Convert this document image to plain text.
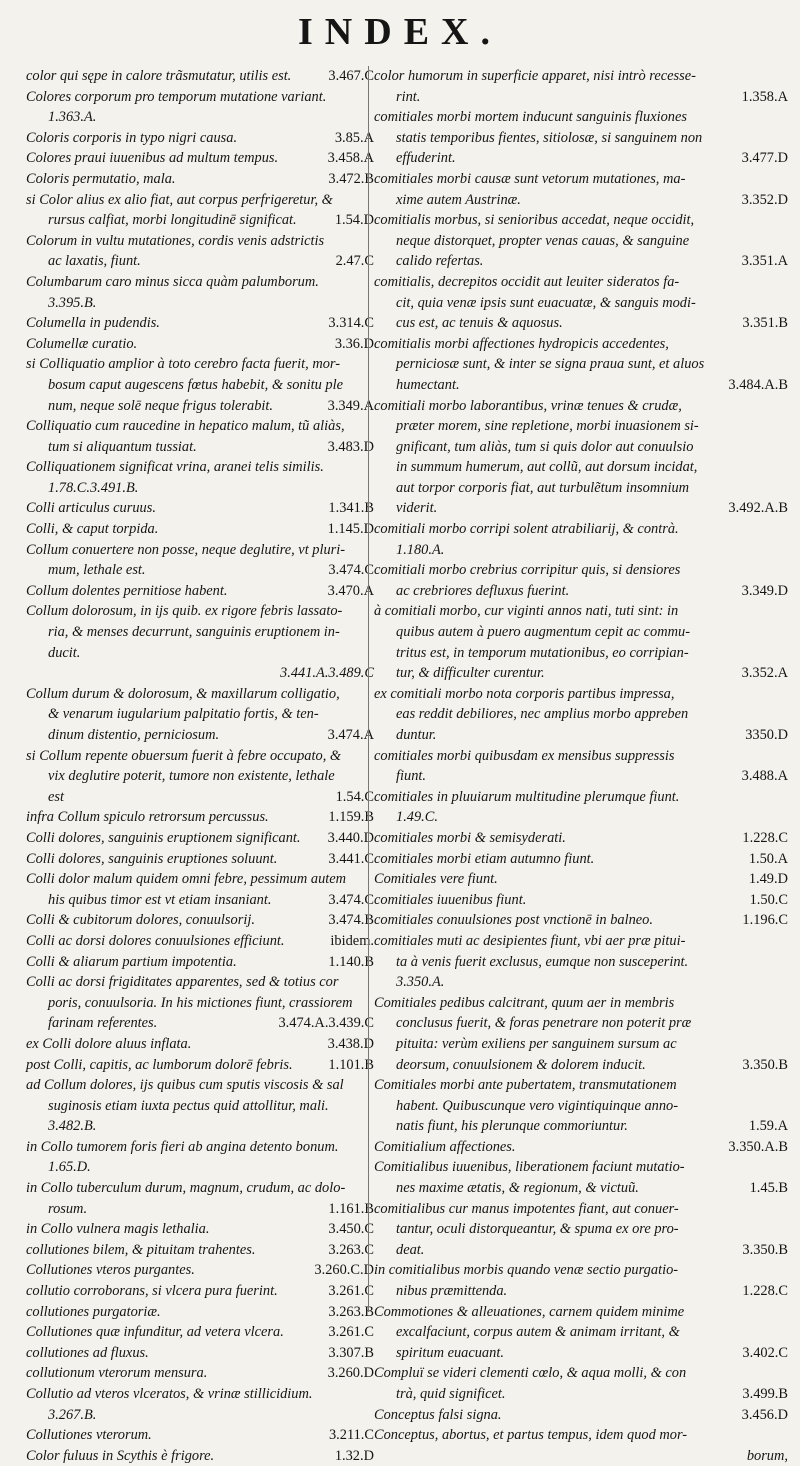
INDEX.
color qui sępe in calore trãsmutatur, utilis est.	3.467.C
Colores corporum pro temporum mutatione variant.
1.363.A.
Coloris corporis in typo nigri causa.	3.85.A
Colores praui iuuenibus ad multum tempus.	3.458.A
Coloris permutatio, mala.	3.472.B
si Color alius ex alio fiat, aut corpus perfrigeretur, &
rursus calfiat, morbi longitudinē significat.	1.54.D
Colorum in vultu mutationes, cordis venis adstrictis
ac laxatis, fiunt.	2.47.C
Columbarum caro minus sicca quàm palumborum.
3.395.B.
Columella in pudendis.	3.314.C
Columellæ curatio.	3.36.D
si Colliquatio amplior à toto cerebro facta fuerit, mor-
bosum caput augescens fœtus habebit, & sonitu ple
num, neque solē neque frigus tolerabit.	3.349.A
Colliquatio cum raucedine in hepatico malum, tũ aliàs,
tum si aliquantum tussiat.	3.483.D
Colliquationem significat vrina, aranei telis similis.
1.78.C.3.491.B.
Colli articulus curuus.	1.341.B
Colli, & caput torpida.	1.145.D
Collum conuertere non posse, neque deglutire, vt pluri-
mum, lethale est.	3.474.C
Collum dolentes pernitiose habent.	3.470.A
Collum dolorosum, in ijs quib. ex rigore febris lassato-
ria, & menses decurrunt, sanguinis eruptionem in-
ducit.
3.441.A.3.489.C
Collum durum & dolorosum, & maxillarum colligatio,
& venarum iugularium palpitatio fortis, & ten-
dinum distentio, perniciosum.	3.474.A
si Collum repente obuersum fuerit à febre occupato, &
vix deglutire poterit, tumore non existente, lethale
est	1.54.C
infra Collum spiculo retrorsum percussus.	1.159.B
Colli dolores, sanguinis eruptionem significant.	3.440.D
Colli dolores, sanguinis eruptiones soluunt.	3.441.C
Colli dolor malum quidem omni febre, pessimum autem
his quibus timor est vt etiam insaniant.	3.474.C
Colli & cubitorum dolores, conuulsorij.	3.474.B
Colli ac dorsi dolores conuulsiones efficiunt.	ibidem.
Colli & aliarum partium impotentia.	1.140.B
Colli ac dorsi frigiditates apparentes, sed & totius cor
poris, conuulsoria. In his mictiones fiunt, crassiorem
farinam referentes.	3.474.A.3.439.C
ex Colli dolore aluus inflata.	3.438.D
post Colli, capitis, ac lumborum dolorē febris.	1.101.B
ad Collum dolores, ijs quibus cum sputis viscosis & sal
suginosis etiam iuxta pectus quid attollitur, mali.
3.482.B.
in Collo tumorem foris fieri ab angina detento bonum.
1.65.D.
in Collo tuberculum durum, magnum, crudum, ac dolo-
rosum.	1.161.B
in Collo vulnera magis lethalia.	3.450.C
collutiones bilem, & pituitam trahentes.	3.263.C
Collutiones vteros purgantes.	3.260.C.D
collutio corroborans, si vlcera pura fuerint.	3.261.C
collutiones purgatoriæ.	3.263.B
Collutiones quæ infunditur, ad vetera vlcera.	3.261.C
collutiones ad fluxus.	3.307.B
collutionum vterorum mensura.	3.260.D
Collutio ad vteros vlceratos, & vrinæ stillicidium.
3.267.B.
Collutiones vterorum.	3.211.C
Color fuluus in Scythis è frigore.	1.32.D
color humorum in superficie apparet, nisi intrò recesse-
rint.	1.358.A
comitiales morbi mortem inducunt sanguinis fluxiones
statis temporibus fientes, sitiolosæ, si sanguinem non
effuderint.	3.477.D
comitiales morbi causæ sunt vetorum mutationes, ma-
xime autem Austrinæ.	3.352.D
comitialis morbus, si senioribus accedat, neque occidit,
neque distorquet, propter venas cauas, & sanguine
calido refertas.	3.351.A
comitialis, decrepitos occidit aut leuiter sideratos fa-
cit, quia venæ ipsis sunt euacuatæ, & sanguis modi-
cus est, ac tenuis & aquosus.	3.351.B
comitialis morbi affectiones hydropicis accedentes,
perniciosæ sunt, & inter se signa praua sunt, et aluos
humectant.	3.484.A.B
comitiali morbo laborantibus, vrinæ tenues & crudæ,
præter morem, sine repletione, morbi inuasionem si-
gnificant, tum aliàs, tum si quis dolor aut conuulsio
in summum humerum, aut collũ, aut dorsum incidat,
aut torpor corporis fiat, aut turbulẽtum insomnium
viderit.	3.492.A.B
comitiali morbo corripi solent atrabiliarij, & contrà.
1.180.A.
comitiali morbo crebrius corripitur quis, si densiores
ac crebriores defluxus fuerint.	3.349.D
à comitiali morbo, cur viginti annos nati, tuti sint: in
quibus autem à puero augmentum cepit ac commu-
tritus est, in temporum mutationibus, eo corripian-
tur, & difficulter curentur.	3.352.A
ex comitiali morbo nota corporis partibus impressa,
eas reddit debiliores, nec amplius morbo appreben
duntur.	3350.D
comitiales morbi quibusdam ex mensibus suppressis
fiunt.	3.488.A
comitiales in pluuiarum multitudine plerumque fiunt.
1.49.C.
comitiales morbi & semisyderati.	1.228.C
comitiales morbi etiam autumno fiunt.	1.50.A
Comitiales vere fiunt.	1.49.D
comitiales iuuenibus fiunt.	1.50.C
comitiales conuulsiones post vnctionē in balneo.	1.196.C
comitiales muti ac desipientes fiunt, vbi aer præ pitui-
ta à venis fuerit exclusus, eumque non susceperint.
3.350.A.
Comitiales pedibus calcitrant, quum aer in membris
conclusus fuerit, & foras penetrare non poterit præ
pituita: verùm exiliens per sanguinem sursum ac
deorsum, conuulsionem & dolorem inducit.	3.350.B
Comitiales morbi ante pubertatem, transmutationem
habent. Quibuscunque vero vigintiquinque anno-
natis fiunt, his plerunque commoriuntur.	1.59.A
Comitialium affectiones.	3.350.A.B
Comitialibus iuuenibus, liberationem faciunt mutatio-
nes maxime ætatis, & regionum, & victuũ.	1.45.B
comitialibus cur manus impotentes fiant, aut conuer-
tantur, oculi distorqueantur, & spuma ex ore pro-
deat.	3.350.B
in comitialibus morbis quando venæ sectio purgatio-
nibus præmittenda.	1.228.C
Commotiones & alleuationes, carnem quidem minime
excalfaciunt, corpus autem & animam irritant, &
spiritum euacuant.	3.402.C
Compluï se videri clementi cœlo, & aqua molli, & con
trà, quid significet.	3.499.B
Conceptus falsi signa.	3.456.D
Conceptus, abortus, et partus tempus, idem quod mor-
borum,
